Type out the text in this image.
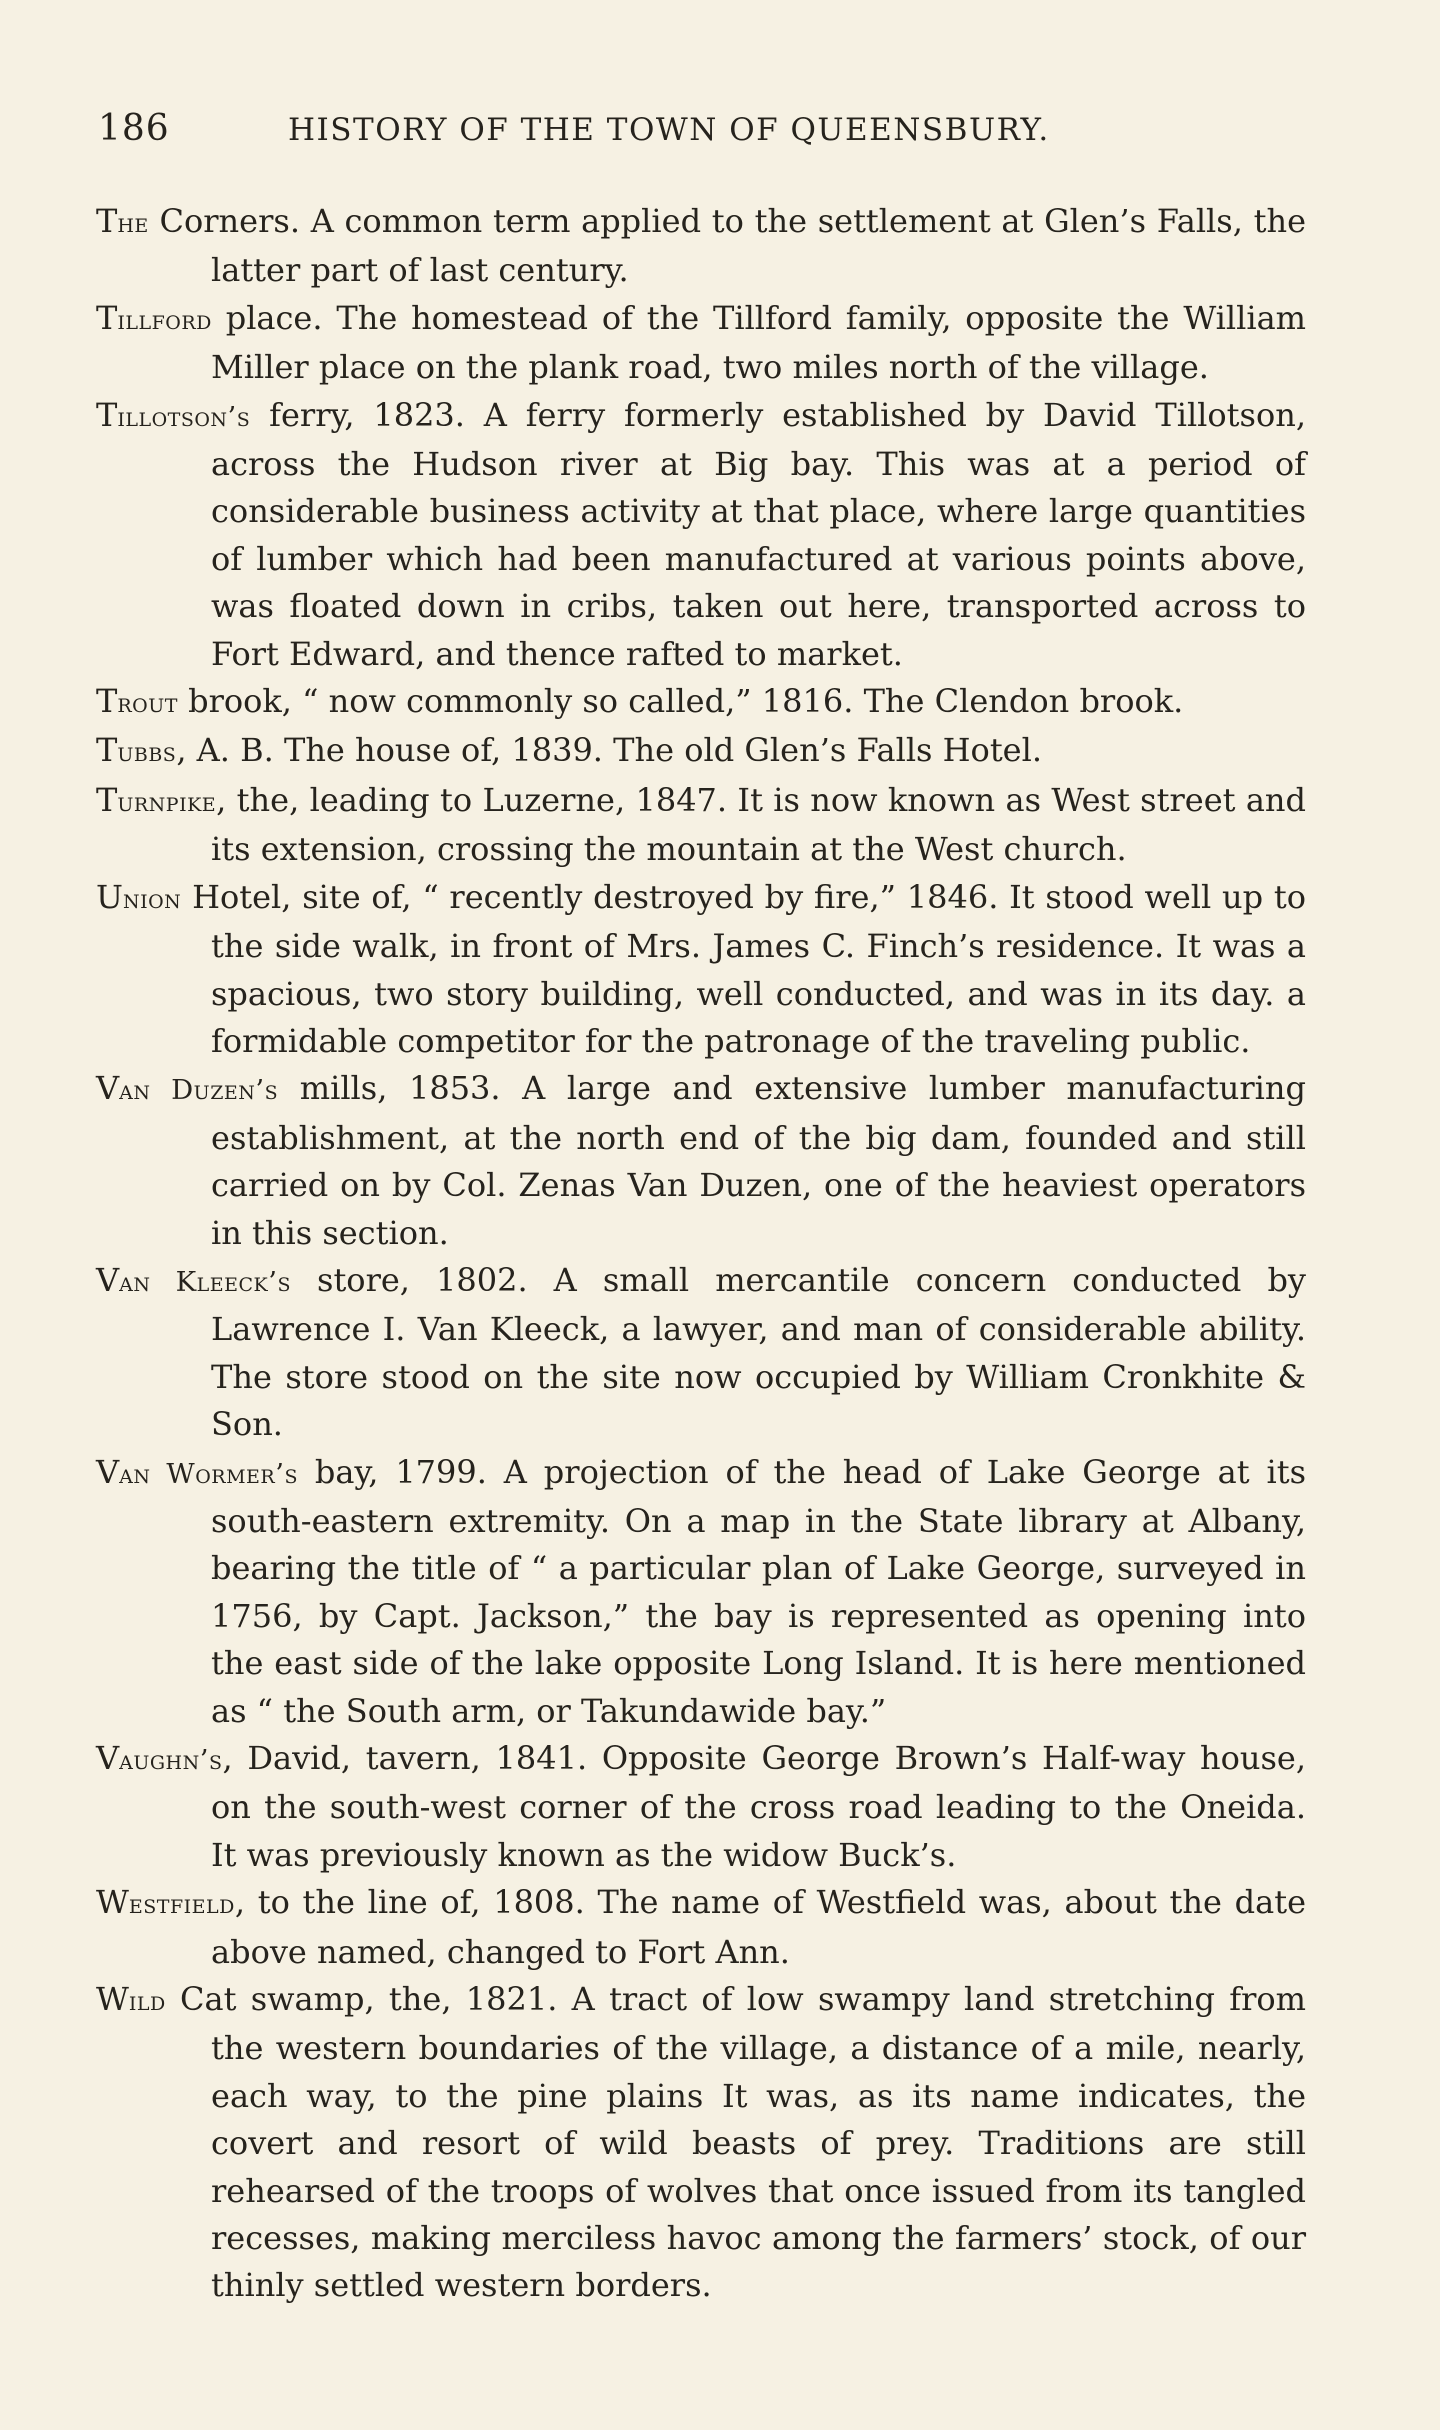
186	HISTORY OF THE TOWN OF QUEENSBURY.

The Corners. A common term applied to the settlement at Glen’s Falls, the latter part of last century.

Tillford place. The homestead of the Tillford family, opposite the William Miller place on the plank road, two miles north of the village.

Tillotson’s ferry, 1823. A ferry formerly established by David Tillotson, across the Hudson river at Big bay. This was at a period of considerable business activity at that place, where large quantities of lumber which had been manufactured at various points above, was floated down in cribs, taken out here, transported across to Fort Edward, and thence rafted to market.

Trout brook, “ now commonly so called,” 1816. The Clendon brook.

Tubbs, A. B. The house of, 1839. The old Glen’s Falls Hotel.

Turnpike, the, leading to Luzerne, 1847. It is now known as West street and its extension, crossing the mountain at the West church.

Union Hotel, site of, “ recently destroyed by fire,” 1846. It stood well up to the side walk, in front of Mrs. James C. Finch’s residence. It was a spacious, two story building, well conducted, and was in its day. a formidable competitor for the patronage of the traveling public.

Van Duzen’s mills, 1853. A large and extensive lumber manufacturing establishment, at the north end of the big dam, founded and still carried on by Col. Zenas Van Duzen, one of the heaviest operators in this section.

Van Kleeck’s store, 1802. A small mercantile concern conducted by Lawrence I. Van Kleeck, a lawyer, and man of considerable ability. The store stood on the site now occupied by William Cronkhite & Son.

Van Wormer’s bay, 1799. A projection of the head of Lake George at its south-eastern extremity. On a map in the State library at Albany, bearing the title of “ a particular plan of Lake George, surveyed in 1756, by Capt. Jackson,” the bay is represented as opening into the east side of the lake opposite Long Island. It is here mentioned as “ the South arm, or Takundawide bay.”

Vaughn’s, David, tavern, 1841. Opposite George Brown’s Half-way house, on the south-west corner of the cross road leading to the Oneida. It was previously known as the widow Buck’s.

Westfield, to the line of, 1808. The name of Westfield was, about the date above named, changed to Fort Ann.

Wild Cat swamp, the, 1821. A tract of low swampy land stretching from the western boundaries of the village, a distance of a mile, nearly, each way, to the pine plains It was, as its name indicates, the covert and resort of wild beasts of prey. Traditions are still rehearsed of the troops of wolves that once issued from its tangled recesses, making merciless havoc among the farmers’ stock, of our thinly settled western borders.
